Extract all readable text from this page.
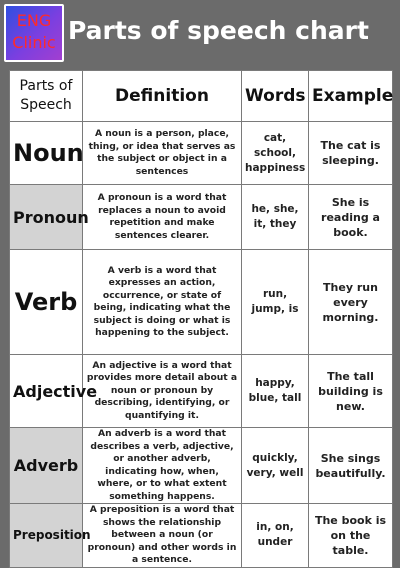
ENG
Clinic Parts of speech chart
Parts of Speech	Definition	Words	Example
Noun	A noun is a person, place, thing, or idea that serves as the subject or object in a sentences	cat, school, happiness	The cat is sleeping.
Pronoun	A pronoun is a word that replaces a noun to avoid repetition and make sentences clearer.	he, she, it, they	She is reading a book.
Verb	A verb is a word that expresses an action, occurrence, or state of being, indicating what the subject is doing or what is happening to the subject.	run, jump, is	They run every morning.
Adjective	An adjective is a word that provides more detail about a noun or pronoun by describing, identifying, or quantifying it.	happy, blue, tall	The tall building is new.
Adverb	An adverb is a word that describes a verb, adjective, or another adverb, indicating how, when, where, or to what extent something happens.	quickly, very, well	She sings beautifully.
Preposition	A preposition is a word that shows the relationship between a noun (or pronoun) and other words in a sentence.	in, on, under	The book is on the table.
